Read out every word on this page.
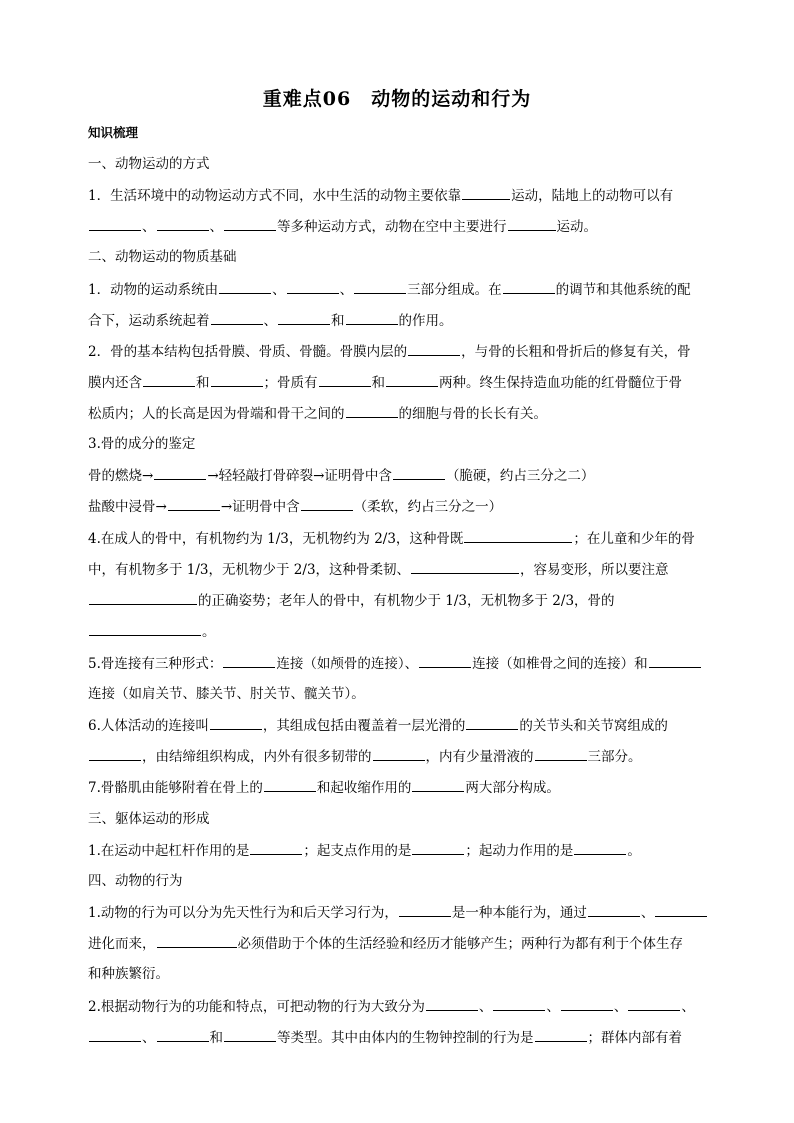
重难点06　动物的运动和行为
知识梳理
一、动物运动的方式
1．生活环境中的动物运动方式不同，水中生活的动物主要依靠	运动，陆地上的动物可以有
、	、	等多种运动方式，动物在空中主要进行	运动。
二、动物运动的物质基础
1．动物的运动系统由	、	、	三部分组成。在	的调节和其他系统的配
合下，运动系统起着	、	和	的作用。
2．骨的基本结构包括骨膜、骨质、骨髓。骨膜内层的	，与骨的长粗和骨折后的修复有关，骨
膜内还含	和	；骨质有	和	两种。终生保持造血功能的红骨髓位于骨
松质内；人的长高是因为骨端和骨干之间的	的细胞与骨的长长有关。
3.骨的成分的鉴定
骨的燃烧→	→轻轻敲打骨碎裂→证明骨中含	（脆硬，约占三分之二）
盐酸中浸骨→	→证明骨中含	（柔软，约占三分之一）
4.在成人的骨中，有机物约为 1/3，无机物约为 2/3，这种骨既	；在儿童和少年的骨
中，有机物多于 1/3，无机物少于 2/3，这种骨柔韧、	，容易变形，所以要注意
的正确姿势；老年人的骨中，有机物少于 1/3，无机物多于 2/3，骨的
。
5.骨连接有三种形式：	连接（如颅骨的连接）、	连接（如椎骨之间的连接）和
连接（如肩关节、膝关节、肘关节、髋关节）。
6.人体活动的连接叫	，其组成包括由覆盖着一层光滑的	的关节头和关节窝组成的
，由结缔组织构成，内外有很多韧带的	，内有少量滑液的	三部分。
7.骨骼肌由能够附着在骨上的	和起收缩作用的	两大部分构成。
三、躯体运动的形成
1.在运动中起杠杆作用的是	；起支点作用的是	；起动力作用的是	。
四、动物的行为
1.动物的行为可以分为先天性行为和后天学习行为，	是一种本能行为，通过	、
进化而来，	必须借助于个体的生活经验和经历才能够产生；两种行为都有利于个体生存
和种族繁衍。
2.根据动物行为的功能和特点，可把动物的行为大致分为	、	、	、	、
、	和	等类型。其中由体内的生物钟控制的行为是	；群体内部有着
